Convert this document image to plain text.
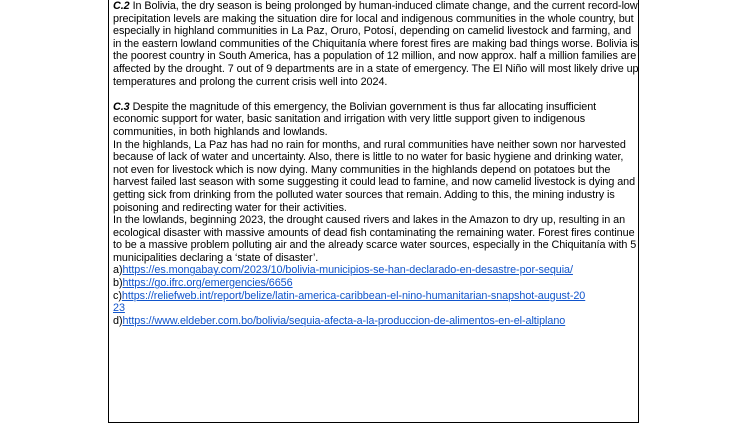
C.2 In Bolivia, the dry season is being prolonged by human-induced climate change, and the current record-low precipitation levels are making the situation dire for local and indigenous communities in the whole country, but especially in highland communities in La Paz, Oruro, Potosí, depending on camelid livestock and farming, and in the eastern lowland communities of the Chiquitanía where forest fires are making bad things worse. Bolivia is the poorest country in South America, has a population of 12 million, and now approx. half a million families are affected by the drought. 7 out of 9 departments are in a state of emergency. The El Niño will most likely drive up temperatures and prolong the current crisis well into 2024.

C.3 Despite the magnitude of this emergency, the Bolivian government is thus far allocating insufficient economic support for water, basic sanitation and irrigation with very little support given to indigenous communities, in both highlands and lowlands.

In the highlands, La Paz has had no rain for months, and rural communities have neither sown nor harvested because of lack of water and uncertainty. Also, there is little to no water for basic hygiene and drinking water, not even for livestock which is now dying. Many communities in the highlands depend on potatoes but the harvest failed last season with some suggesting it could lead to famine, and now camelid livestock is dying and getting sick from drinking from the polluted water sources that remain. Adding to this, the mining industry is poisoning and redirecting water for their activities.

In the lowlands, beginning 2023, the drought caused rivers and lakes in the Amazon to dry up, resulting in an ecological disaster with massive amounts of dead fish contaminating the remaining water. Forest fires continue to be a massive problem polluting air and the already scarce water sources, especially in the Chiquitanía with 5 municipalities declaring a ‘state of disaster’.

a)https://es.mongabay.com/2023/10/bolivia-municipios-se-han-declarado-en-desastre-por-sequia/

b)https://go.ifrc.org/emergencies/6656

c)https://reliefweb.int/report/belize/latin-america-caribbean-el-nino-humanitarian-snapshot-august-20

23

d)https://www.eldeber.com.bo/bolivia/sequia-afecta-a-la-produccion-de-alimentos-en-el-altiplano
